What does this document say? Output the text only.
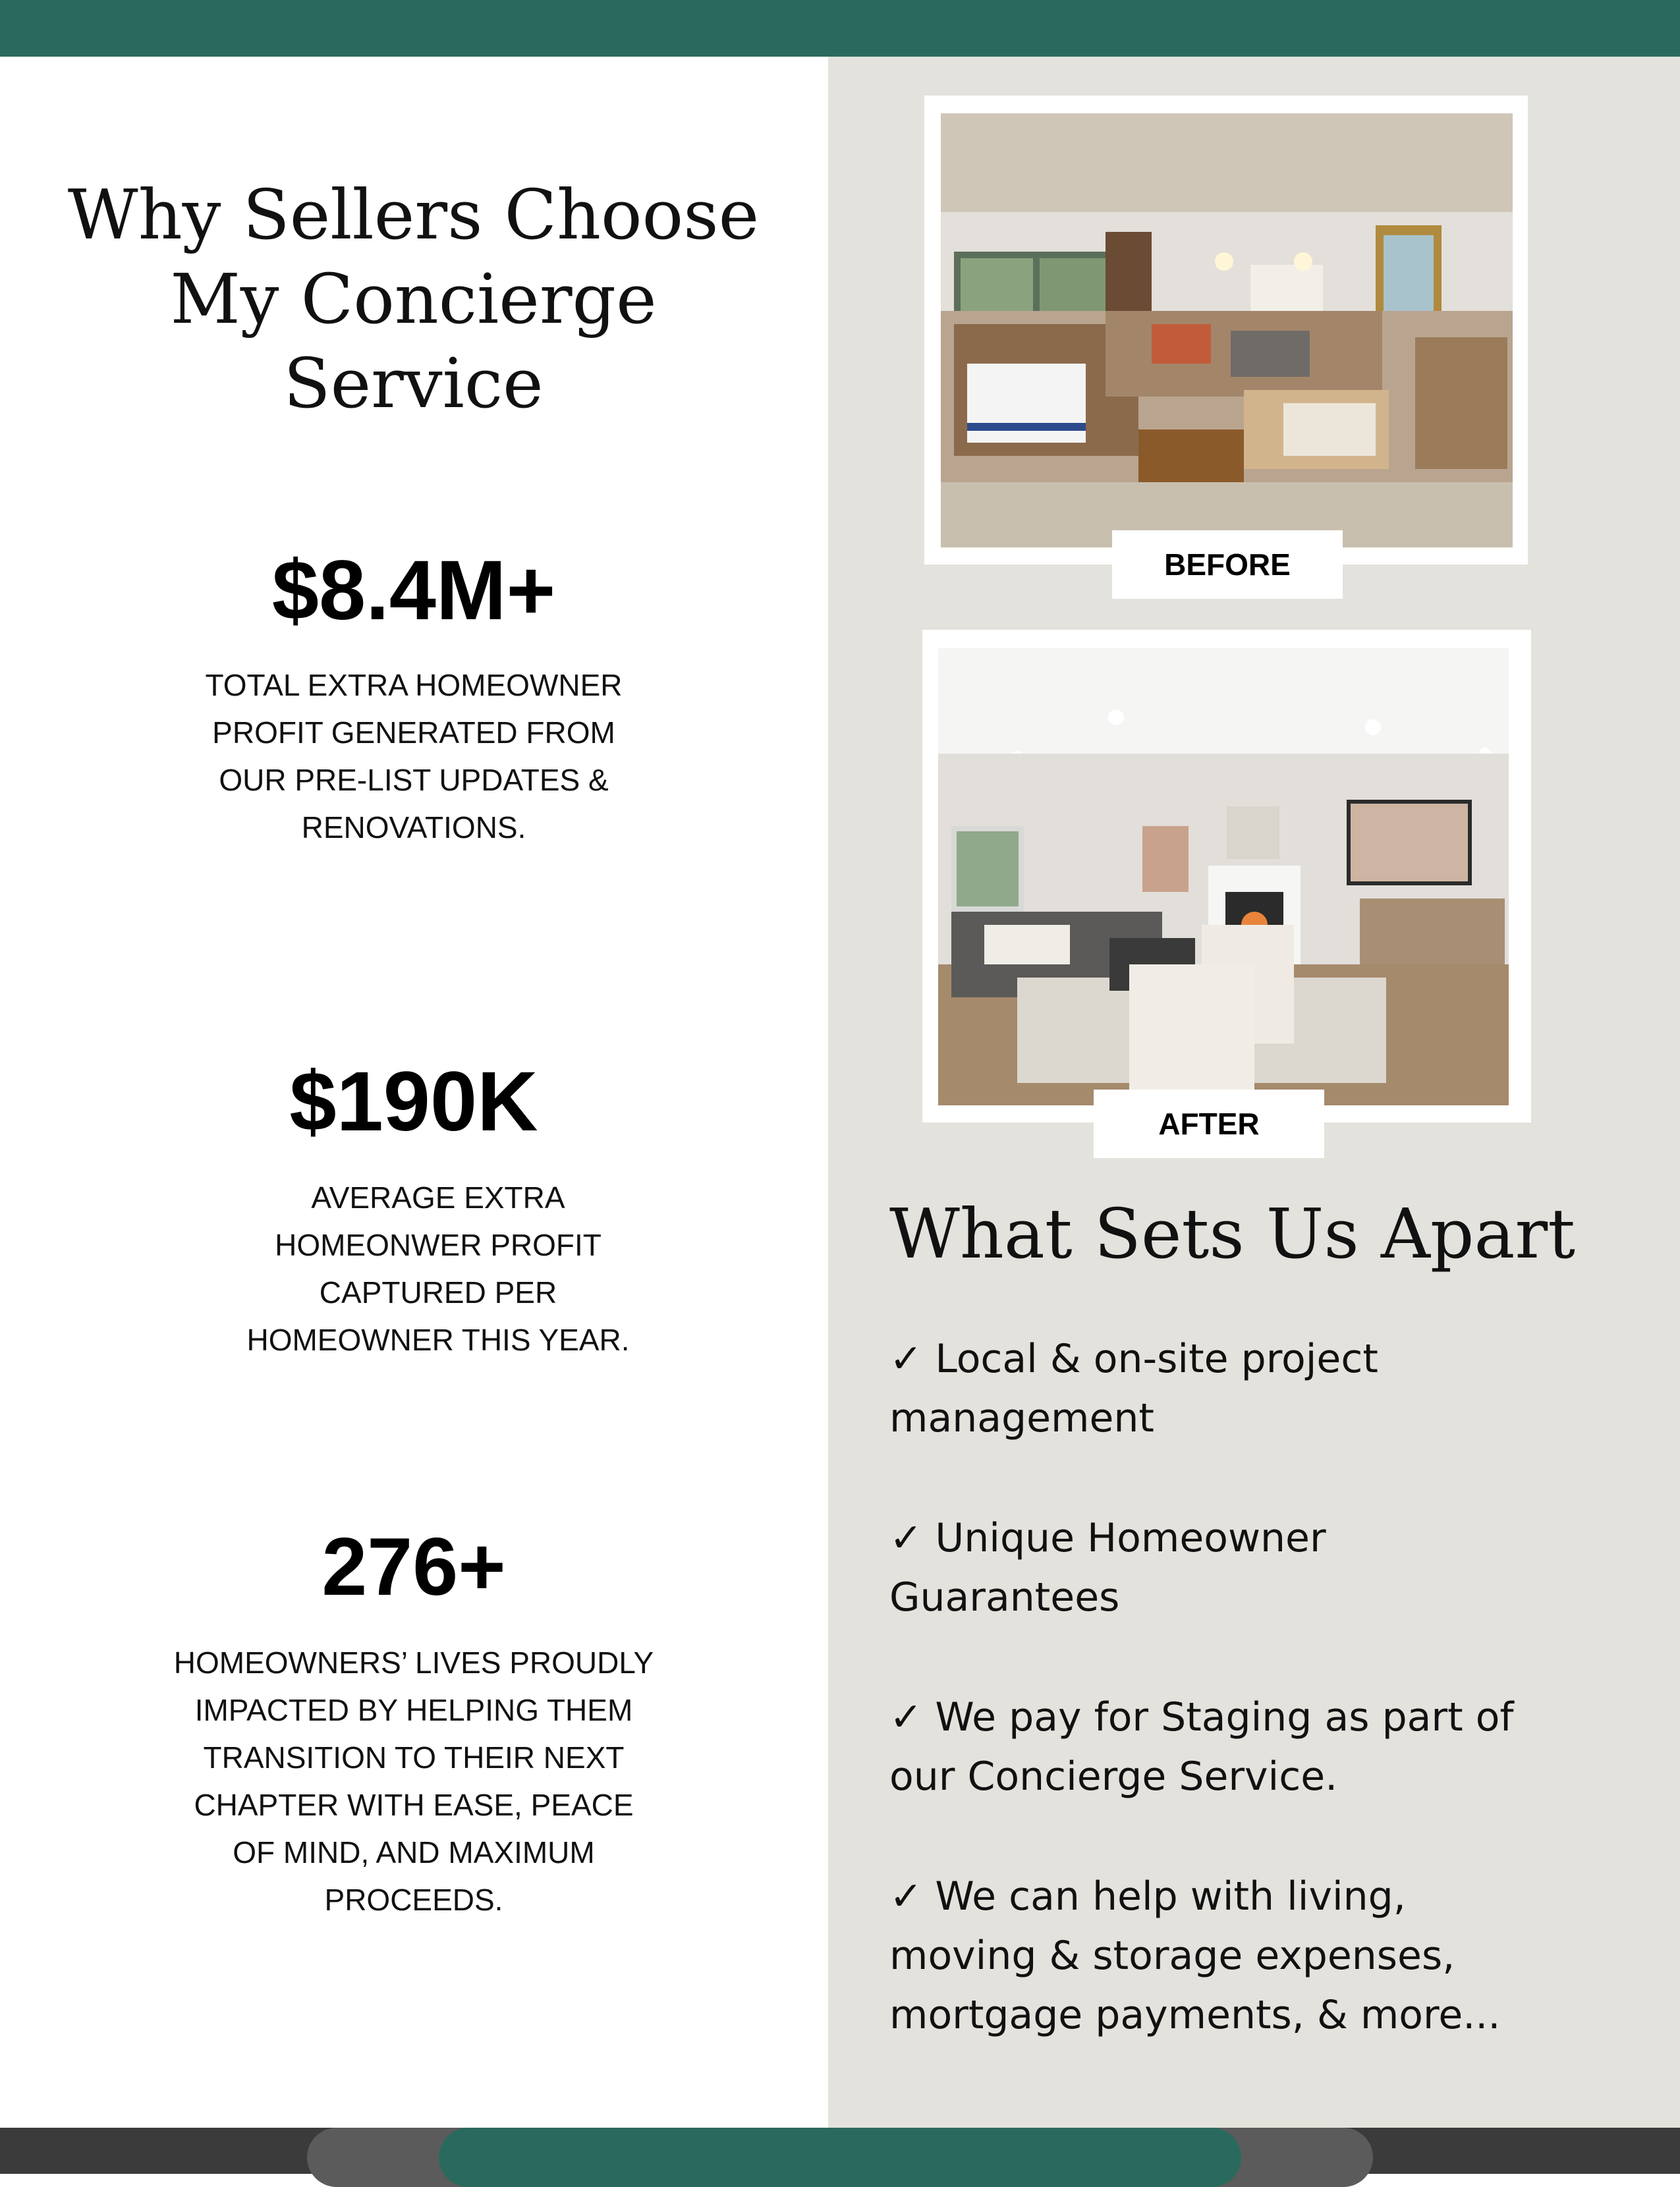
Why Sellers Choose My Concierge Service
$8.4M+

TOTAL EXTRA HOMEOWNER PROFIT GENERATED FROM OUR PRE-LIST UPDATES & RENOVATIONS.

$190K

AVERAGE EXTRA HOMEONWER PROFIT CAPTURED PER HOMEOWNER THIS YEAR.

276+

HOMEOWNERS’ LIVES PROUDLY IMPACTED BY HELPING THEM TRANSITION TO THEIR NEXT CHAPTER WITH EASE, PEACE OF MIND, AND MAXIMUM PROCEEDS.

BEFORE
AFTER
What Sets Us Apart

✓ Local & on-site project management

✓ Unique Homeowner Guarantees

✓ We pay for Staging as part of our Concierge Service.

✓ We can help with living, moving & storage expenses, mortgage payments, & more...
